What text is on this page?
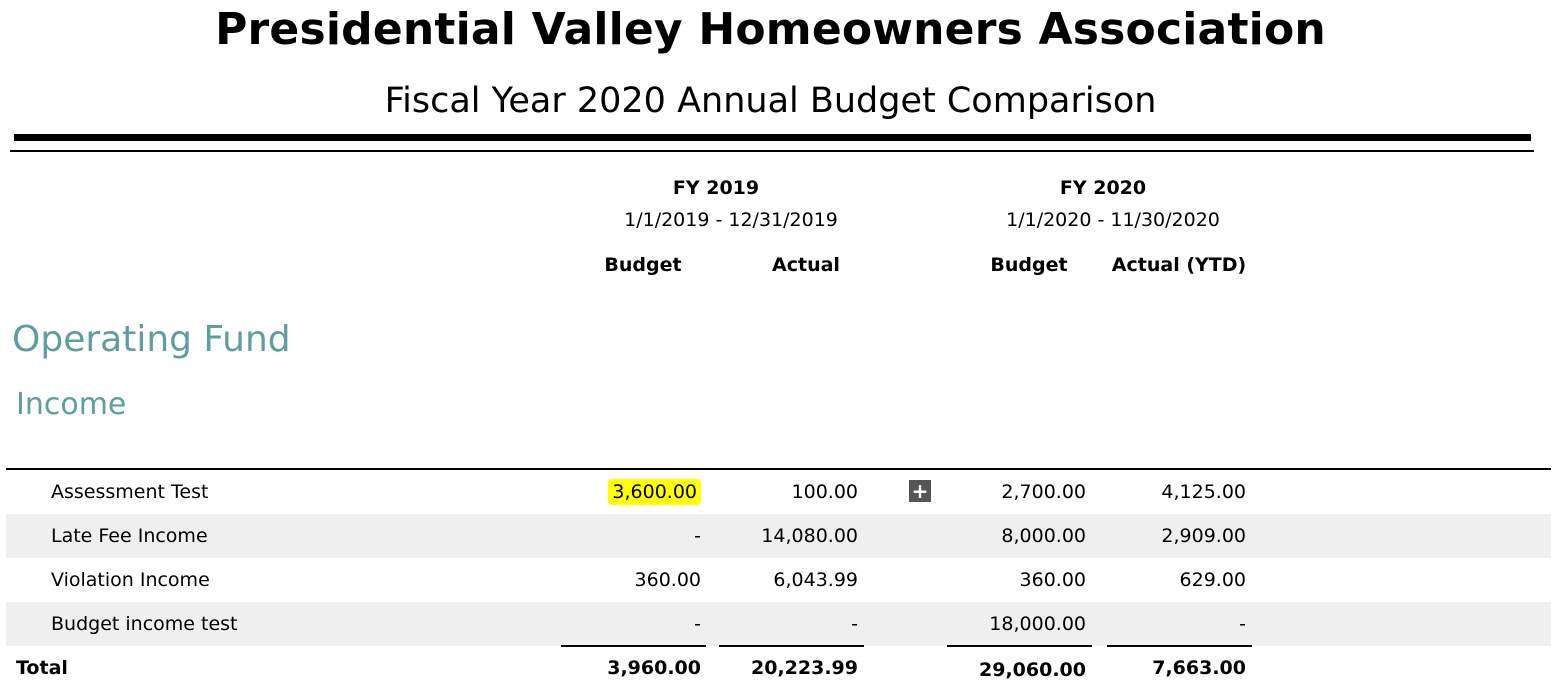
Presidential Valley Homeowners Association
Fiscal Year 2020 Annual Budget Comparison
FY 2019
1/1/2019 - 12/31/2019
FY 2020
1/1/2020 - 11/30/2020
Budget	Actual	Budget	Actual (YTD)
Operating Fund
Income
Assessment Test	3,600.00	100.00	+	2,700.00	4,125.00
Late Fee Income	-	14,080.00	8,000.00	2,909.00
Violation Income	360.00	6,043.99	360.00	629.00
Budget income test	-	-	18,000.00	-
Total	3,960.00	20,223.99	29,060.00	7,663.00
